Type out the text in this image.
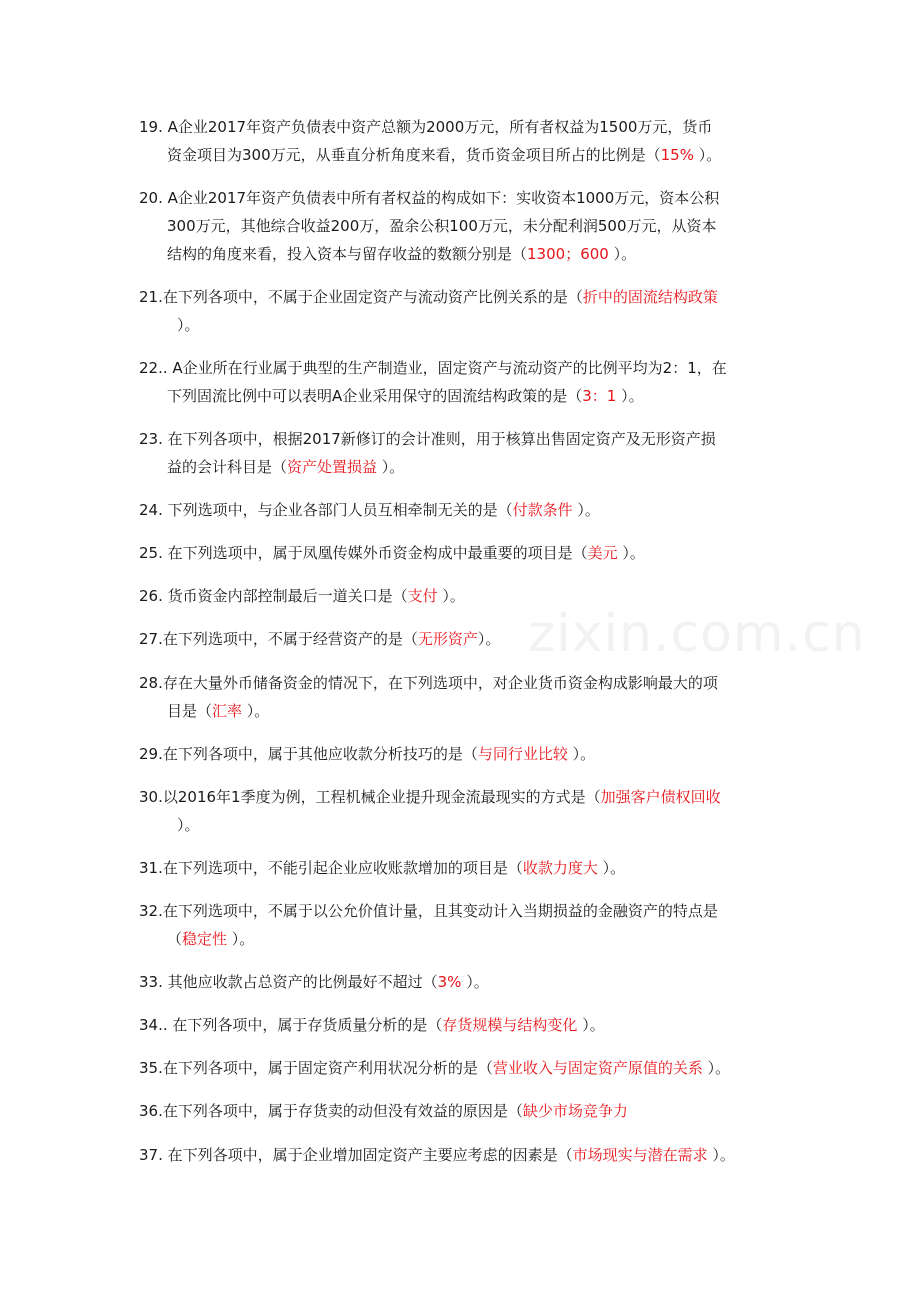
zixin.com.cn
19. A企业2017年资产负债表中资产总额为2000万元，所有者权益为1500万元，货币
资金项目为300万元，从垂直分析角度来看，货币资金项目所占的比例是（15% ）。
20. A企业2017年资产负债表中所有者权益的构成如下：实收资本1000万元，资本公积
300万元，其他综合收益200万，盈余公积100万元，未分配利润500万元，从资本
结构的角度来看，投入资本与留存收益的数额分别是（1300；600 ）。
21.在下列各项中，不属于企业固定资产与流动资产比例关系的是（折中的固流结构政策
）。
22.. A企业所在行业属于典型的生产制造业，固定资产与流动资产的比例平均为2：1，在
下列固流比例中可以表明A企业采用保守的固流结构政策的是（3：1 ）。
23. 在下列各项中，根据2017新修订的会计准则，用于核算出售固定资产及无形资产损
益的会计科目是（资产处置损益 ）。
24. 下列选项中，与企业各部门人员互相牵制无关的是（付款条件 ）。
25. 在下列选项中，属于凤凰传媒外币资金构成中最重要的项目是（美元 ）。
26. 货币资金内部控制最后一道关口是（支付 ）。
27.在下列选项中，不属于经营资产的是（无形资产）。
28.存在大量外币储备资金的情况下，在下列选项中，对企业货币资金构成影响最大的项
目是（汇率 ）。
29.在下列各项中，属于其他应收款分析技巧的是（与同行业比较 ）。
30.以2016年1季度为例，工程机械企业提升现金流最现实的方式是（加强客户债权回收
）。
31.在下列选项中，不能引起企业应收账款增加的项目是（收款力度大 ）。
32.在下列选项中，不属于以公允价值计量，且其变动计入当期损益的金融资产的特点是
（稳定性 ）。
33. 其他应收款占总资产的比例最好不超过（3% ）。
34.. 在下列各项中，属于存货质量分析的是（存货规模与结构变化 ）。
35.在下列各项中，属于固定资产利用状况分析的是（营业收入与固定资产原值的关系 ）。
36.在下列各项中，属于存货卖的动但没有效益的原因是（缺少市场竞争力
37. 在下列各项中，属于企业增加固定资产主要应考虑的因素是（市场现实与潜在需求 ）。
